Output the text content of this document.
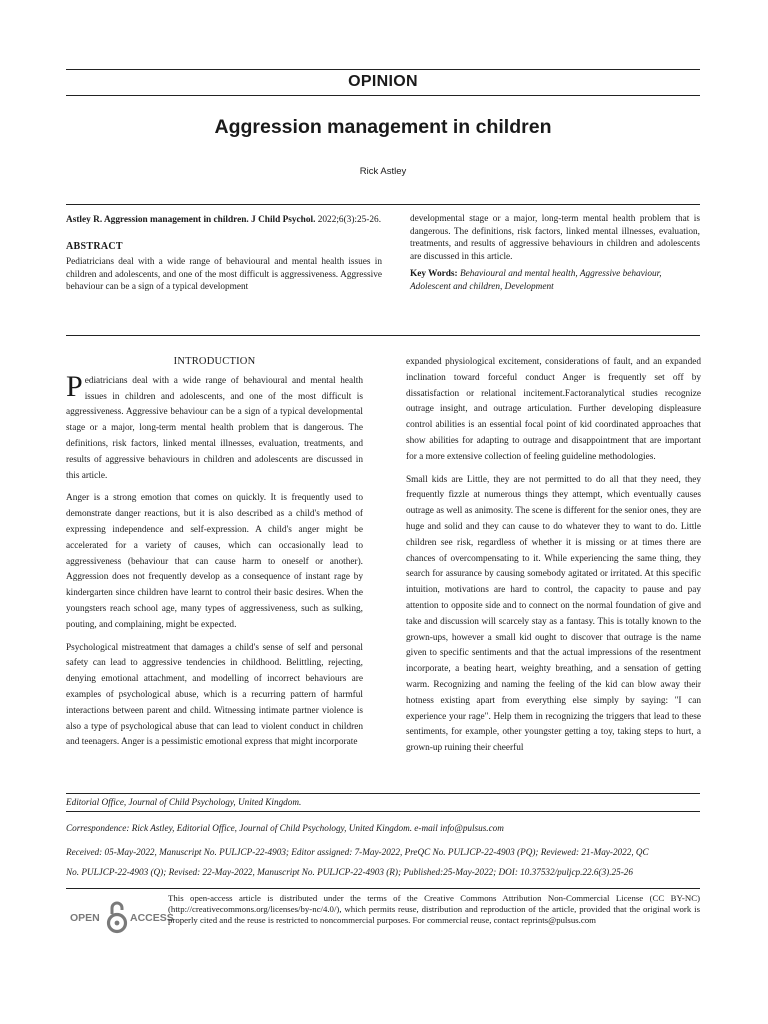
OPINION
Aggression management in children
Rick Astley

Astley R. Aggression management in children. J Child Psychol. 2022;6(3):25-26.

ABSTRACT

Pediatricians deal with a wide range of behavioural and mental health issues in children and adolescents, and one of the most difficult is aggressiveness. Aggressive behaviour can be a sign of a typical development

developmental stage or a major, long-term mental health problem that is dangerous. The definitions, risk factors, linked mental illnesses, evaluation, treatments, and results of aggressive behaviours in children and adolescents are discussed in this article.

Key Words: Behavioural and mental health, Aggressive behaviour, Adolescent and children, Development

INTRODUCTION

Pediatricians deal with a wide range of behavioural and mental health issues in children and adolescents, and one of the most difficult is aggressiveness. Aggressive behaviour can be a sign of a typical developmental stage or a major, long-term mental health problem that is dangerous. The definitions, risk factors, linked mental illnesses, evaluation, treatments, and results of aggressive behaviours in children and adolescents are discussed in this article.

Anger is a strong emotion that comes on quickly. It is frequently used to demonstrate danger reactions, but it is also described as a child's method of expressing independence and self-expression. A child's anger might be accelerated for a variety of causes, which can occasionally lead to aggressiveness (behaviour that can cause harm to oneself or another). Aggression does not frequently develop as a consequence of instant rage by kindergarten since children have learnt to control their basic desires. When the youngsters reach school age, many types of aggressiveness, such as sulking, pouting, and complaining, might be expected.

Psychological mistreatment that damages a child's sense of self and personal safety can lead to aggressive tendencies in childhood. Belittling, rejecting, denying emotional attachment, and modelling of incorrect behaviours are examples of psychological abuse, which is a recurring pattern of harmful interactions between parent and child. Witnessing intimate partner violence is also a type of psychological abuse that can lead to violent conduct in children and teenagers. Anger is a pessimistic emotional express that might incorporate

expanded physiological excitement, considerations of fault, and an expanded inclination toward forceful conduct Anger is frequently set off by dissatisfaction or relational incitement.Factoranalytical studies recognize outrage insight, and outrage articulation. Further developing displeasure control abilities is an essential focal point of kid coordinated approaches that show abilities for adapting to outrage and disappointment that are important for a more extensive collection of feeling guideline methodologies.

Small kids are Little, they are not permitted to do all that they need, they frequently fizzle at numerous things they attempt, which eventually causes outrage as well as animosity. The scene is different for the senior ones, they are huge and solid and they can cause to do whatever they to want to do. Little children see risk, regardless of whether it is missing or at times there are chances of overcompensating to it. While experiencing the same thing, they search for assurance by causing somebody agitated or irritated. At this specific intuition, motivations are hard to control, the capacity to pause and pay attention to opposite side and to connect on the normal foundation of give and take and discussion will scarcely stay as a fantasy. This is totally known to the grown-ups, however a small kid ought to discover that outrage is the name given to specific sentiments and that the actual impressions of the resentment incorporate, a beating heart, weighty breathing, and a sensation of getting warm. Recognizing and naming the feeling of the kid can blow away their hotness existing apart from everything else simply by saying: "I can experience your rage". Help them in recognizing the triggers that lead to these sentiments, for example, other youngster getting a toy, taking steps to hurt, a grown-up ruining their cheerful

Editorial Office, Journal of Child Psychology, United Kingdom.
Correspondence: Rick Astley, Editorial Office, Journal of Child Psychology, United Kingdom. e-mail info@pulsus.com
Received: 05-May-2022, Manuscript No. PULJCP-22-4903; Editor assigned: 7-May-2022, PreQC No. PULJCP-22-4903 (PQ); Reviewed: 21-May-2022, QC
No. PULJCP-22-4903 (Q); Revised: 22-May-2022, Manuscript No. PULJCP-22-4903 (R); Published:25-May-2022; DOI: 10.37532/puljcp.22.6(3).25-26
OPEN	ACCESS
This open-access article is distributed under the terms of the Creative Commons Attribution Non-Commercial License (CC BY-NC) (http://creativecommons.org/licenses/by-nc/4.0/), which permits reuse, distribution and reproduction of the article, provided that the original work is properly cited and the reuse is restricted to noncommercial purposes. For commercial reuse, contact reprints@pulsus.com
